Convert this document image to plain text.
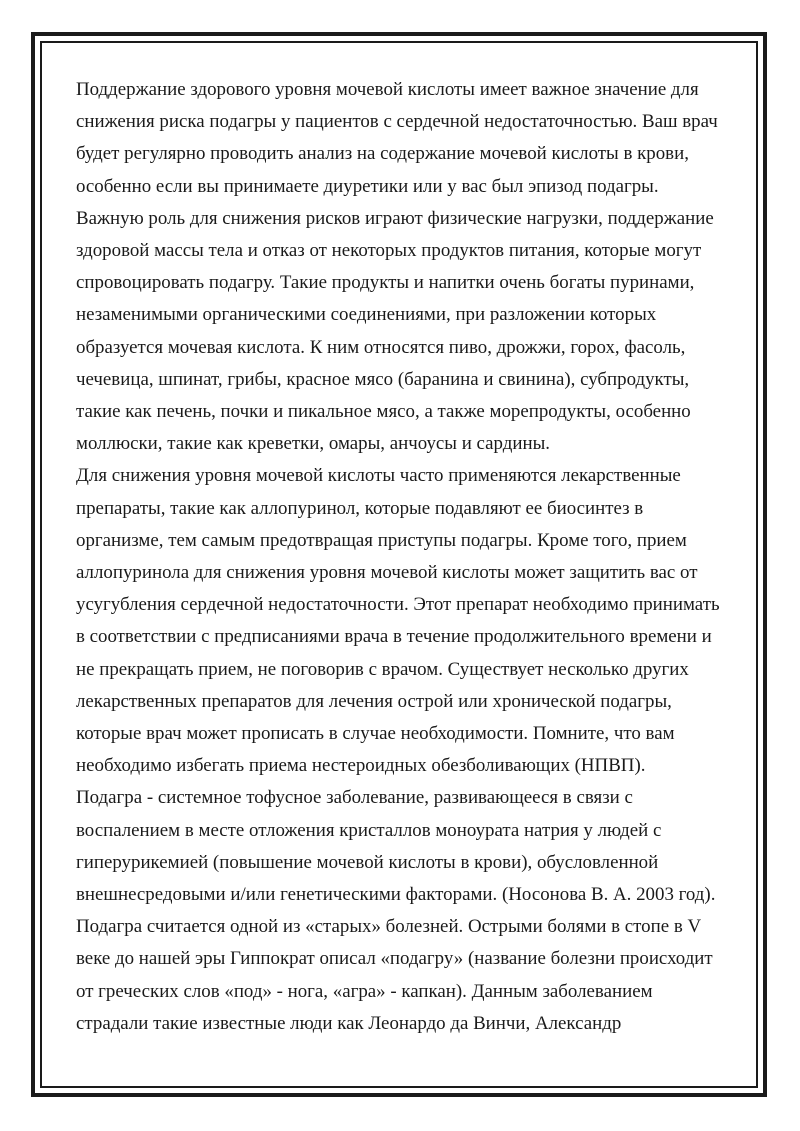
Поддержание здорового уровня мочевой кислоты имеет важное значение для
снижения риска подагры у пациентов с сердечной недостаточностью. Ваш врач
будет регулярно проводить анализ на содержание мочевой кислоты в крови,
особенно если вы принимаете диуретики или у вас был эпизод подагры.
Важную роль для снижения рисков играют физические нагрузки, поддержание
здоровой массы тела и отказ от некоторых продуктов питания, которые могут
спровоцировать подагру. Такие продукты и напитки очень богаты пуринами,
незаменимыми органическими соединениями, при разложении которых
образуется мочевая кислота. К ним относятся пиво, дрожжи, горох, фасоль,
чечевица, шпинат, грибы, красное мясо (баранина и свинина), субпродукты,
такие как печень, почки и пикальное мясо, а также морепродукты, особенно
моллюски, такие как креветки, омары, анчоусы и сардины.
Для снижения уровня мочевой кислоты часто применяются лекарственные
препараты, такие как аллопуринол, которые подавляют ее биосинтез в
организме, тем самым предотвращая приступы подагры. Кроме того, прием
аллопуринола для снижения уровня мочевой кислоты может защитить вас от
усугубления сердечной недостаточности. Этот препарат необходимо принимать
в соответствии с предписаниями врача в течение продолжительного времени и
не прекращать прием, не поговорив с врачом. Существует несколько других
лекарственных препаратов для лечения острой или хронической подагры,
которые врач может прописать в случае необходимости. Помните, что вам
необходимо избегать приема нестероидных обезболивающих (НПВП).
Подагра - системное тофусное заболевание, развивающееся в связи с
воспалением в месте отложения кристаллов моноурата натрия у людей с
гиперурикемией (повышение мочевой кислоты в крови), обусловленной
внешнесредовыми и/или генетическими факторами. (Носонова В. А. 2003 год).
Подагра считается одной из «старых» болезней. Острыми болями в стопе в V
веке до нашей эры Гиппократ описал «подагру» (название болезни происходит
от греческих слов «под» - нога, «агра» - капкан). Данным заболеванием
страдали такие известные люди как Леонардо да Винчи, Александр
